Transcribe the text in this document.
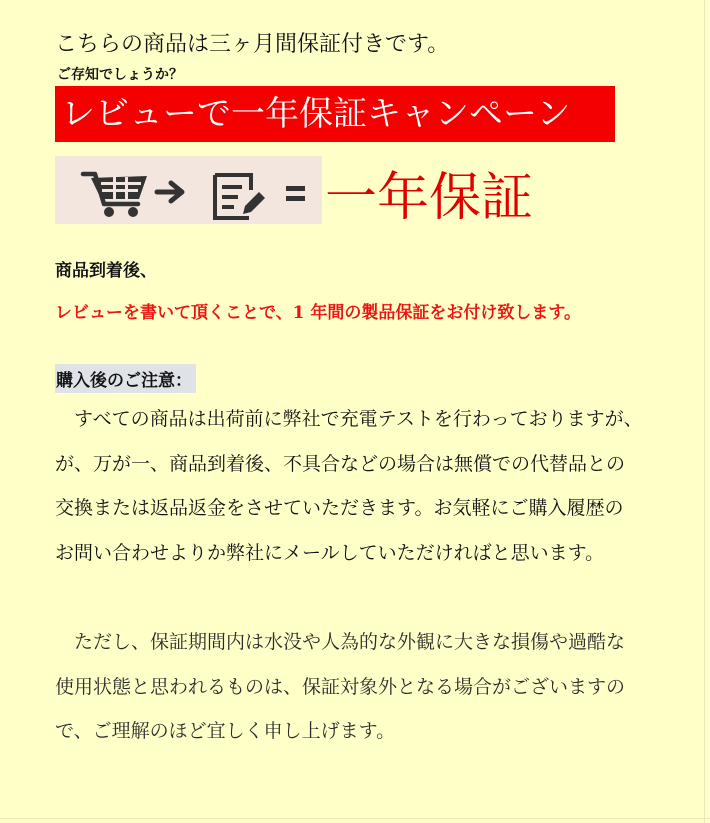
こちらの商品は三ヶ月間保証付きです。
ご存知でしょうか？
レビューで一年保証キャンペーン
一年保証
商品到着後、
レビューを書いて頂くことで、1 年間の製品保証をお付け致します。
購入後のご注意：
　すべての商品は出荷前に弊社で充電テストを行わっておりますが、
が、万が一、商品到着後、不具合などの場合は無償での代替品との
交換または返品返金をさせていただきます。お気軽にご購入履歴の
お問い合わせよりか弊社にメールしていただければと思います。
　ただし、保証期間内は水没や人為的な外観に大きな損傷や過酷な
使用状態と思われるものは、保証対象外となる場合がございますの
で、ご理解のほど宜しく申し上げます。
